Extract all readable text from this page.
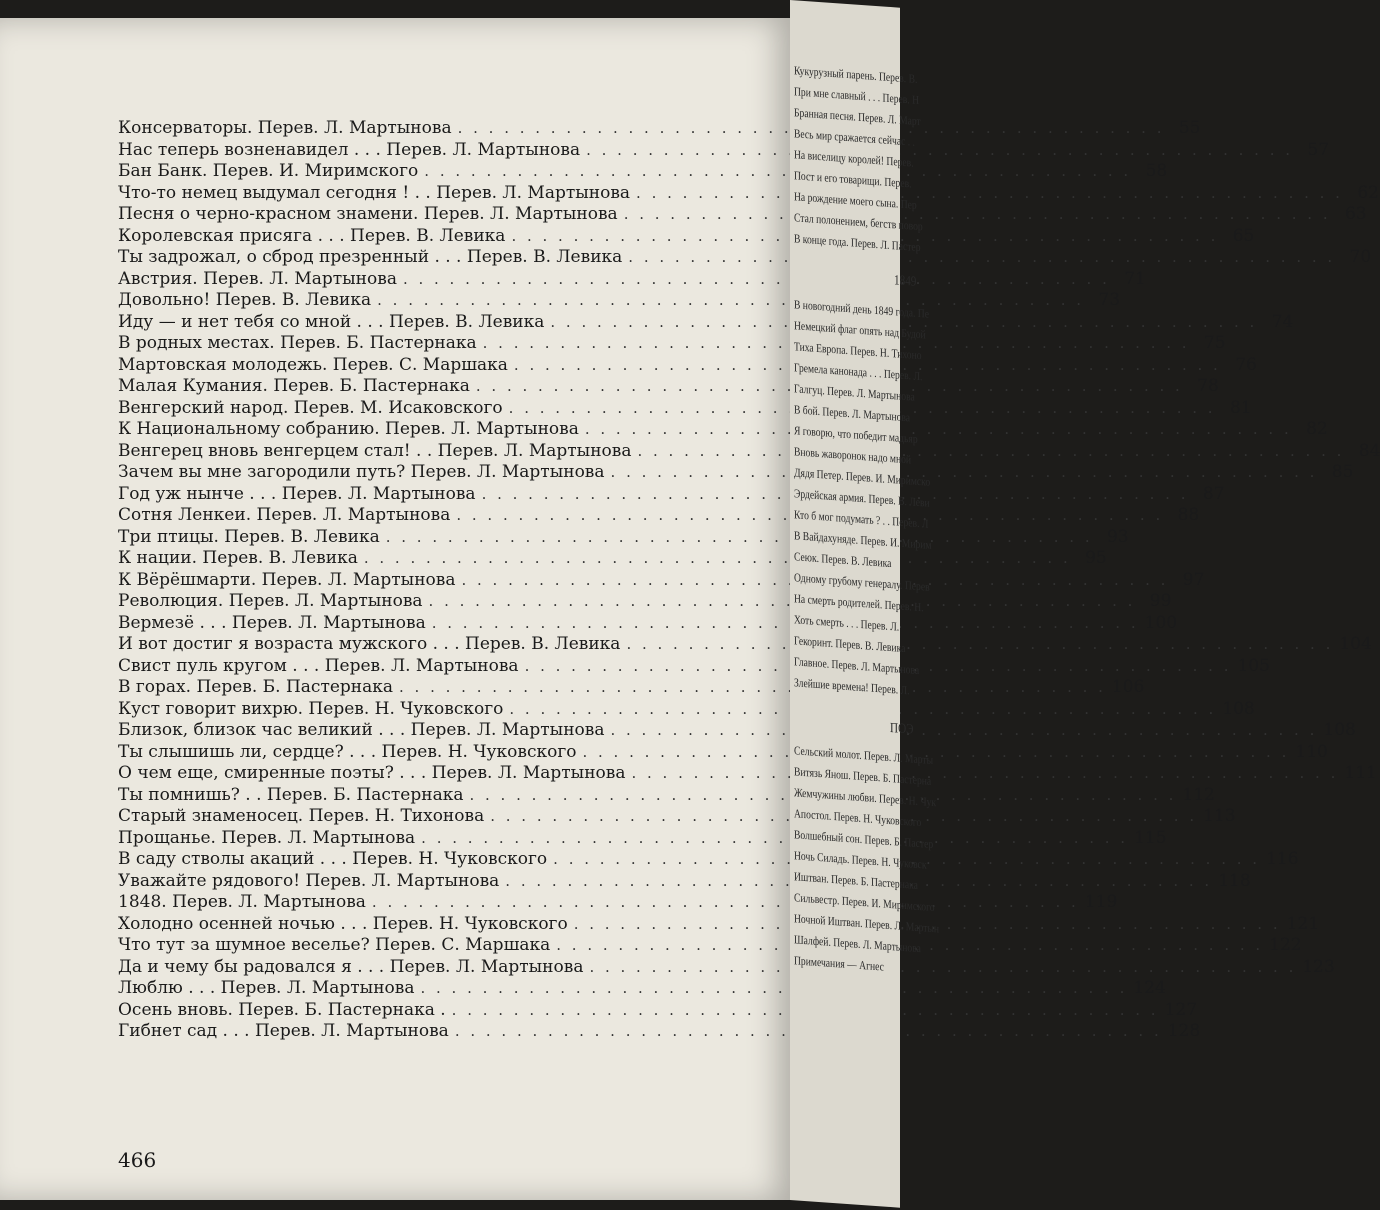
Консерваторы. Перев. Л. Мартынова . . .	55
Нас теперь возненавидел . . . Перев. Л. Мартынова . . .	57
Бан Банк. Перев. И. Миримского . . .	58
Что-то немец выдумал сегодня ! . . Перев. Л. Мартынова . . .	62
Песня о черно-красном знамени. Перев. Л. Мартынова . . .	63
Королевская присяга . . . Перев. В. Левика . . .	65
Ты задрожал, о сброд презренный . . . Перев. В. Левика . . .	70
Австрия. Перев. Л. Мартынова . . .	71
Довольно! Перев. В. Левика . . .	73
Иду — и нет тебя со мной . . . Перев. В. Левика . . .	74
В родных местах. Перев. Б. Пастернака . . .	75
Мартовская молодежь. Перев. С. Маршака . . .	76
Малая Кумания. Перев. Б. Пастернака . . .	78
Венгерский народ. Перев. М. Исаковского . . .	81
К Национальному собранию. Перев. Л. Мартынова . . .	82
Венгерец вновь венгерцем стал! . . Перев. Л. Мартынова . . .	84
Зачем вы мне загородили путь? Перев. Л. Мартынова . . .	85
Год уж нынче . . . Перев. Л. Мартынова . . .	87
Сотня Ленкеи. Перев. Л. Мартынова . . .	88
Три птицы. Перев. В. Левика . . .	93
К нации. Перев. В. Левика . . .	95
К Вёрёшмарти. Перев. Л. Мартынова . . .	97
Революция. Перев. Л. Мартынова . . .	99
Вермезё . . . Перев. Л. Мартынова . . .	100
И вот достиг я возраста мужского . . . Перев. В. Левика . . .	104
Свист пуль кругом . . . Перев. Л. Мартынова . . .	105
В горах. Перев. Б. Пастернака . . .	106
Куст говорит вихрю. Перев. Н. Чуковского . . .	108
Близок, близок час великий . . . Перев. Л. Мартынова . . .	108
Ты слышишь ли, сердце? . . . Перев. Н. Чуковского . . .	110
О чем еще, смиренные поэты? . . . Перев. Л. Мартынова . . .	111
Ты помнишь? . . Перев. Б. Пастернака . . .	112
Старый знаменосец. Перев. Н. Тихонова . . .	113
Прощанье. Перев. Л. Мартынова . . .	115
В саду стволы акаций . . . Перев. Н. Чуковского . . .	116
Уважайте рядового! Перев. Л. Мартынова . . .	118
1848. Перев. Л. Мартынова . . .	119
Холодно осенней ночью . . . Перев. Н. Чуковского . . .	121
Что тут за шумное веселье? Перев. С. Маршака . . .	122
Да и чему бы радовался я . . . Перев. Л. Мартынова . . .	123
Люблю . . . Перев. Л. Мартынова . . .	124
Осень вновь. Перев. Б. Пастернака . . . .	127
Гибнет сад . . . Перев. Л. Мартынова . . .	128
466
Кукурузный парень. Перев. В.
При мне славный . . . Перев. Н
Бранная песня. Перев. Л. Март
Весь мир сражается сейчас . .
На виселицу королей! Перев.
Пост и его товарищи. Перев.
На рождение моего сына. Пер
Стал полонением, бегств повор
В конце года. Перев. Л. Пастер
1849
В новогодний день 1849 года. Пе
Немецкий флаг опять над Будой
Тиха Европа. Перев. Н. Тихоно
Гремела канонада . . . Перев. Л.
Галгуц. Перев. Л. Мартынова
В бой. Перев. Л. Мартынова
Я говорю, что победит мадьяр
Вновь жаворонок надо мной
Дядя Петер. Перев. И. Миримско
Эрдейская армия. Перев. В. Леви
Кто б мог подумать ? . . Перев. Л
В Вайдахуняде. Перев. И. Мирим
Сеюк. Перев. В. Левика
Одному грубому генералу. Перев
На смерть родителей. Перев. Н.
Хоть смерть . . . Перев. Л.
Гекоринт. Перев. В. Левика
Главное. Перев. Л. Мартынова
Злейшие времена! Перев. Л.
ПОЭ
Сельский молот. Перев. Л. Марты
Витязь Янош. Перев. Б. Пастерна
Жемчужины любви. Перев. Н. Чук
Апостол. Перев. Н. Чуковского
Волшебный сон. Перев. Б. Пастер
Ночь Силадь. Перев. Н. Чуковск
Иштван. Перев. Б. Пастернака
Сильвестр. Перев. И. Миримского
Ночной Иштван. Перев. Л. Мартын
Шалфей. Перев. Л. Мартынова
Примечания — Агнес
